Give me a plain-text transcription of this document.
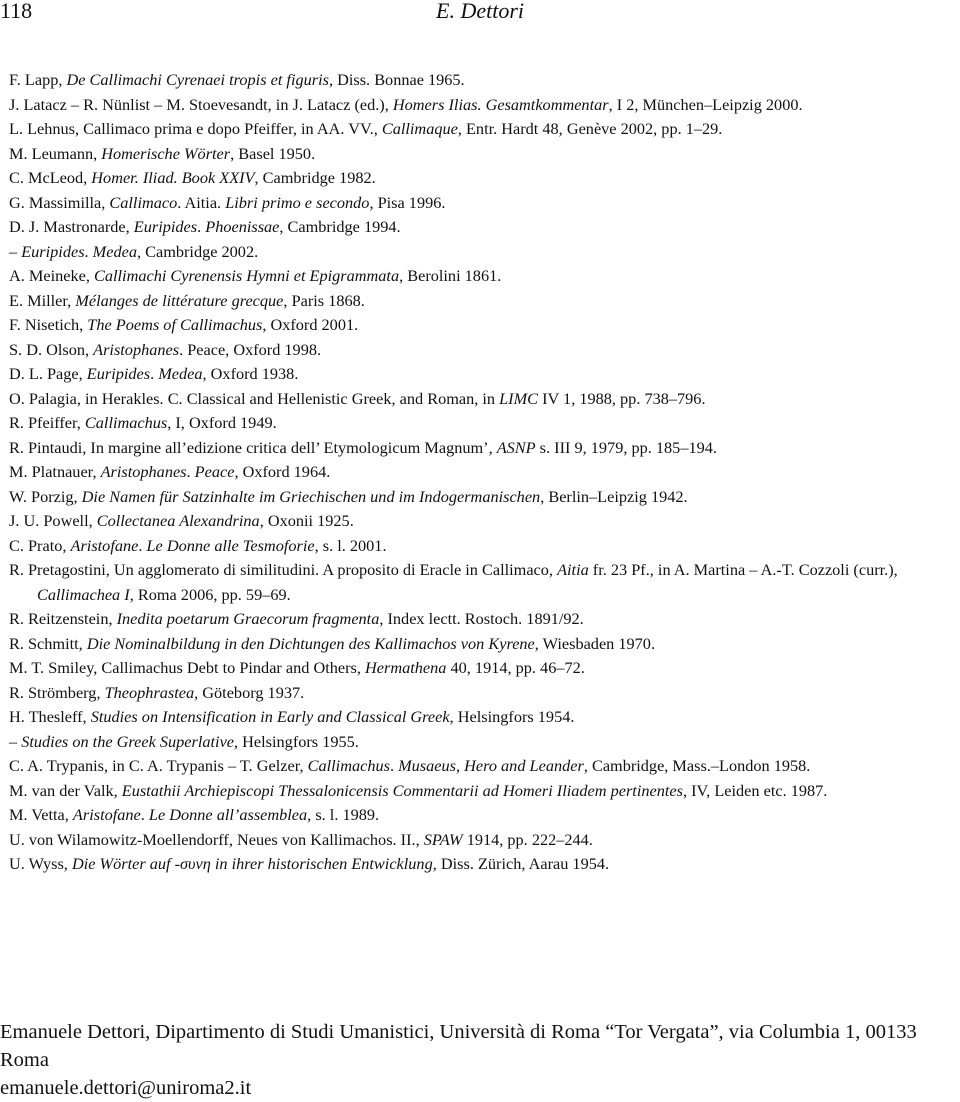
118	E. Dettori
F. Lapp, De Callimachi Cyrenaei tropis et figuris, Diss. Bonnae 1965.
J. Latacz – R. Nünlist – M. Stoevesandt, in J. Latacz (ed.), Homers Ilias. Gesamtkommentar, I 2, München–Leipzig 2000.
L. Lehnus, Callimaco prima e dopo Pfeiffer, in AA. VV., Callimaque, Entr. Hardt 48, Genève 2002, pp. 1–29.
M. Leumann, Homerische Wörter, Basel 1950.
C. McLeod, Homer. Iliad. Book XXIV, Cambridge 1982.
G. Massimilla, Callimaco. Aitia. Libri primo e secondo, Pisa 1996.
D. J. Mastronarde, Euripides. Phoenissae, Cambridge 1994.
– Euripides. Medea, Cambridge 2002.
A. Meineke, Callimachi Cyrenensis Hymni et Epigrammata, Berolini 1861.
E. Miller, Mélanges de littérature grecque, Paris 1868.
F. Nisetich, The Poems of Callimachus, Oxford 2001.
S. D. Olson, Aristophanes. Peace, Oxford 1998.
D. L. Page, Euripides. Medea, Oxford 1938.
O. Palagia, in Herakles. C. Classical and Hellenistic Greek, and Roman, in LIMC IV 1, 1988, pp. 738–796.
R. Pfeiffer, Callimachus, I, Oxford 1949.
R. Pintaudi, In margine all’edizione critica dell’ Etymologicum Magnum’, ASNP s. III 9, 1979, pp. 185–194.
M. Platnauer, Aristophanes. Peace, Oxford 1964.
W. Porzig, Die Namen für Satzinhalte im Griechischen und im Indogermanischen, Berlin–Leipzig 1942.
J. U. Powell, Collectanea Alexandrina, Oxonii 1925.
C. Prato, Aristofane. Le Donne alle Tesmoforie, s. l. 2001.
R. Pretagostini, Un agglomerato di similitudini. A proposito di Eracle in Callimaco, Aitia fr. 23 Pf., in A. Martina – A.-T. Cozzoli (curr.), Callimachea I, Roma 2006, pp. 59–69.
R. Reitzenstein, Inedita poetarum Graecorum fragmenta, Index lectt. Rostoch. 1891/92.
R. Schmitt, Die Nominalbildung in den Dichtungen des Kallimachos von Kyrene, Wiesbaden 1970.
M. T. Smiley, Callimachus Debt to Pindar and Others, Hermathena 40, 1914, pp. 46–72.
R. Strömberg, Theophrastea, Göteborg 1937.
H. Thesleff, Studies on Intensification in Early and Classical Greek, Helsingfors 1954.
– Studies on the Greek Superlative, Helsingfors 1955.
C. A. Trypanis, in C. A. Trypanis – T. Gelzer, Callimachus. Musaeus, Hero and Leander, Cambridge, Mass.–London 1958.
M. van der Valk, Eustathii Archiepiscopi Thessalonicensis Commentarii ad Homeri Iliadem pertinentes, IV, Leiden etc. 1987.
M. Vetta, Aristofane. Le Donne all’assemblea, s. l. 1989.
U. von Wilamowitz-Moellendorff, Neues von Kallimachos. II., SPAW 1914, pp. 222–244.
U. Wyss, Die Wörter auf -συνη in ihrer historischen Entwicklung, Diss. Zürich, Aarau 1954.

Emanuele Dettori, Dipartimento di Studi Umanistici, Università di Roma “Tor Vergata”, via Columbia 1, 00133 Roma

emanuele.dettori@uniroma2.it
